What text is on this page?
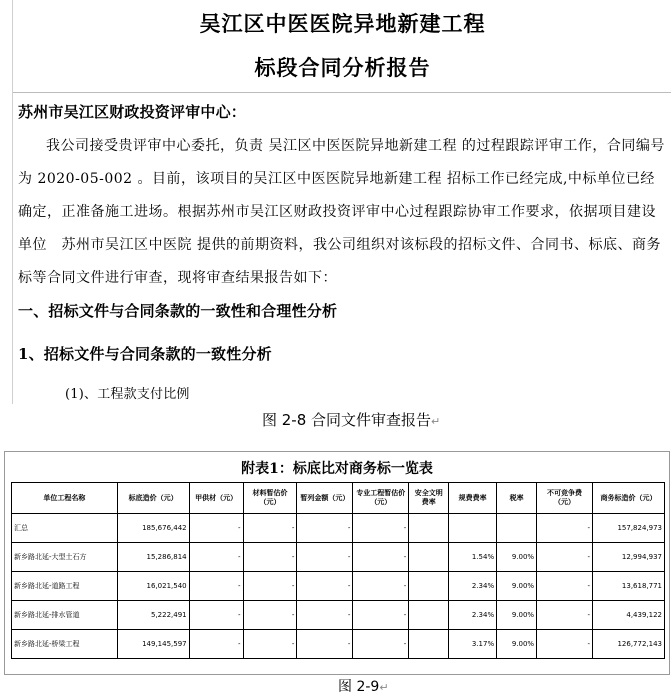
吴江区中医医院异地新建工程
标段合同分析报告
苏州市吴江区财政投资评审中心：
我公司接受贵评审中心委托，负责 吴江区中医医院异地新建工程 的过程跟踪评审工作，合同编号为 2020-05-002 。目前，该项目的吴江区中医医院异地新建工程 招标工作已经完成,中标单位已经确定，正准备施工进场。根据苏州市吴江区财政投资评审中心过程跟踪协审工作要求，依据项目建设单位　苏州市吴江区中医院 提供的前期资料，我公司组织对该标段的招标文件、合同书、标底、商务标等合同文件进行审查，现将审查结果报告如下：
一、招标文件与合同条款的一致性和合理性分析
1、招标文件与合同条款的一致性分析
(1)、工程款支付比例
图 2-8 合同文件审查报告↵
附表1：标底比对商务标一览表
单位工程名称	标底造价（元）	甲供材（元）	材料暂估价（元）	暂列金额（元）	专业工程暂估价（元）	安全文明费率	规费费率	税率	不可竞争费（元）	商务标造价（元）
汇总	185,676,442	-	-	-	-				-	157,824,973
新乡路北延-大型土石方	15,286,814	-	-	-	-		1.54%	9.00%	-	12,994,937
新乡路北延-道路工程	16,021,540	-	-	-	-		2.34%	9.00%	-	13,618,771
新乡路北延-排水管道	5,222,491	-	-	-	-		2.34%	9.00%	-	4,439,122
新乡路北延-桥梁工程	149,145,597	-	-	-	-		3.17%	9.00%	-	126,772,143
图 2-9↵
